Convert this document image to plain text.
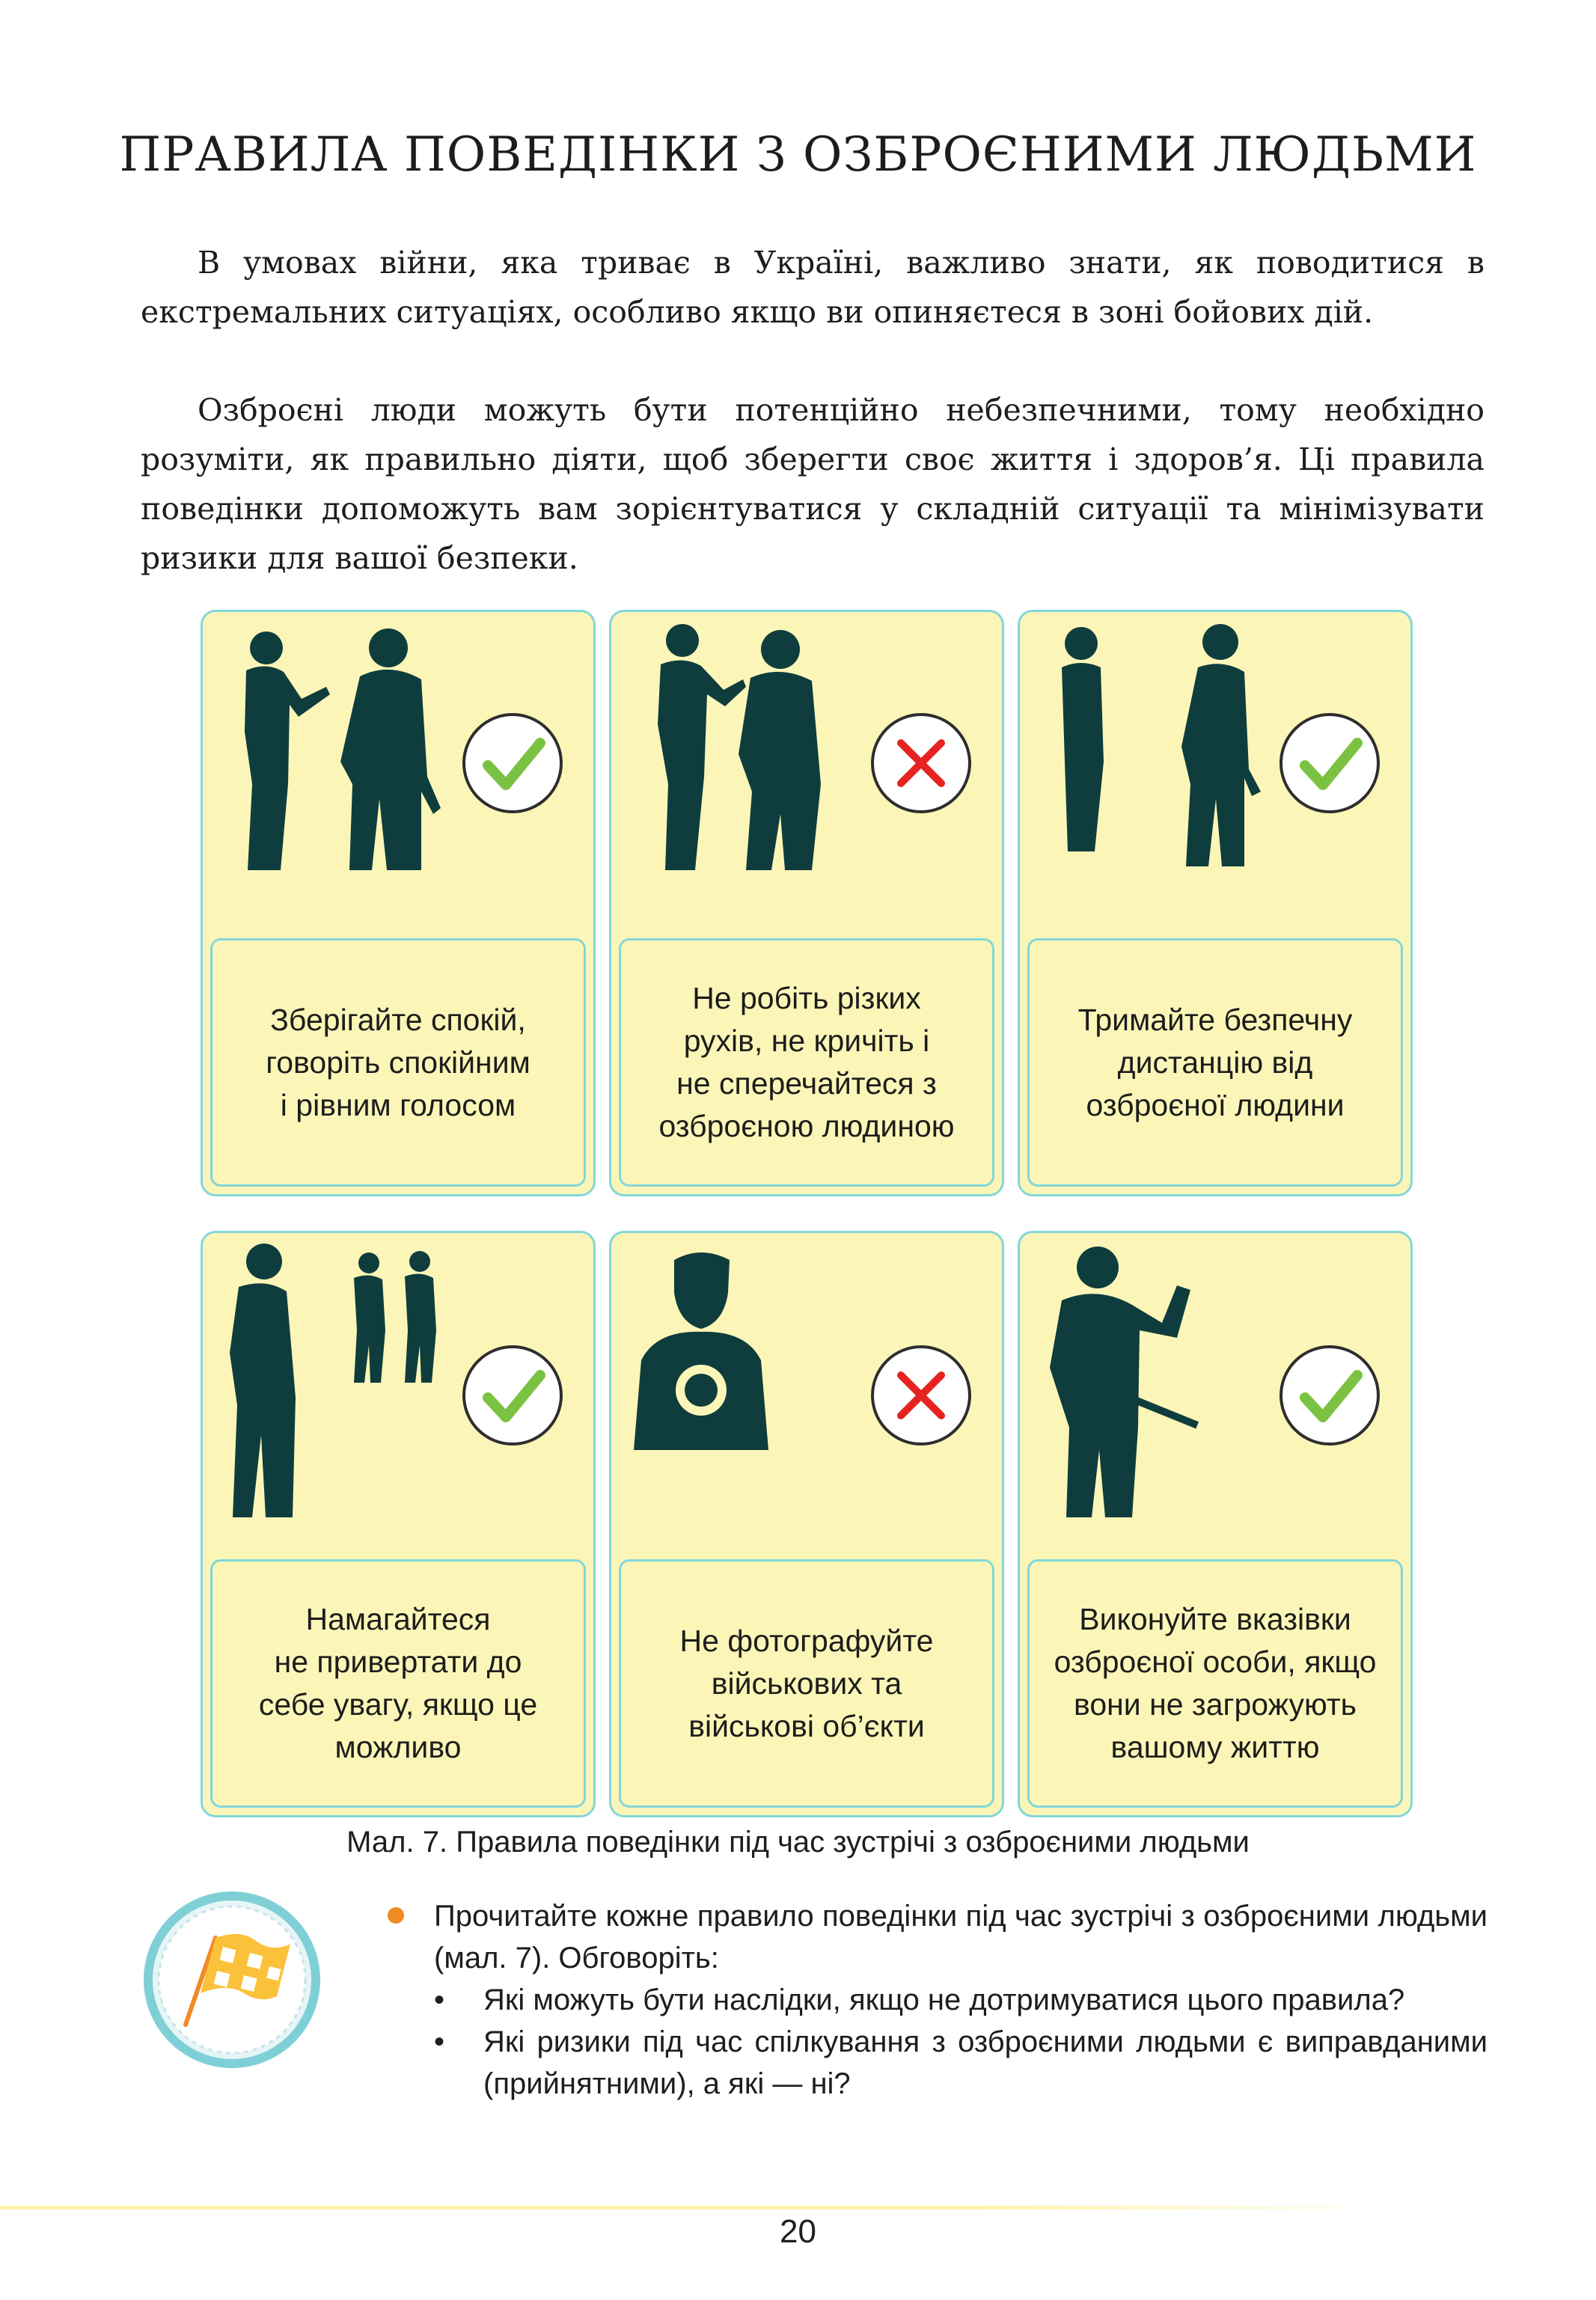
ПРАВИЛА ПОВЕДІНКИ З ОЗБРОЄНИМИ ЛЮДЬМИ

В умовах війни, яка триває в Україні, важливо знати, як поводитися в екстремальних ситуаціях, особливо якщо ви опиняєтеся в зоні бойових дій.

Озброєні люди можуть бути потенційно небезпечними, тому необхідно розуміти, як правильно діяти, щоб зберегти своє життя і здоров’я. Ці правила поведінки допоможуть вам зорієнтуватися у складній ситуації та мінімізувати ризики для вашої безпеки.

Зберігайте спокій,
говоріть спокійним
і рівним голосом
Не робіть різких
рухів, не кричіть і
не сперечайтеся з
озброєною людиною
Тримайте безпечну
дистанцію від
озброєної людини
Намагайтеся
не привертати до
себе увагу, якщо це
можливо
Не фотографуйте
військових та
військові об’єкти
Виконуйте вказівки
озброєної особи, якщо
вони не загрожують
вашому життю

Мал. 7. Правила поведінки під час зустрічі з озброєними людьми

Прочитайте кожне правило поведінки під час зустрічі з озброєними людьми (мал. 7). Обговоріть:

• Які можуть бути наслідки, якщо не дотримуватися цього правила?
• Які ризики під час спілкування з озброєними людьми є виправданими (прийнятними), а які — ні?

20
